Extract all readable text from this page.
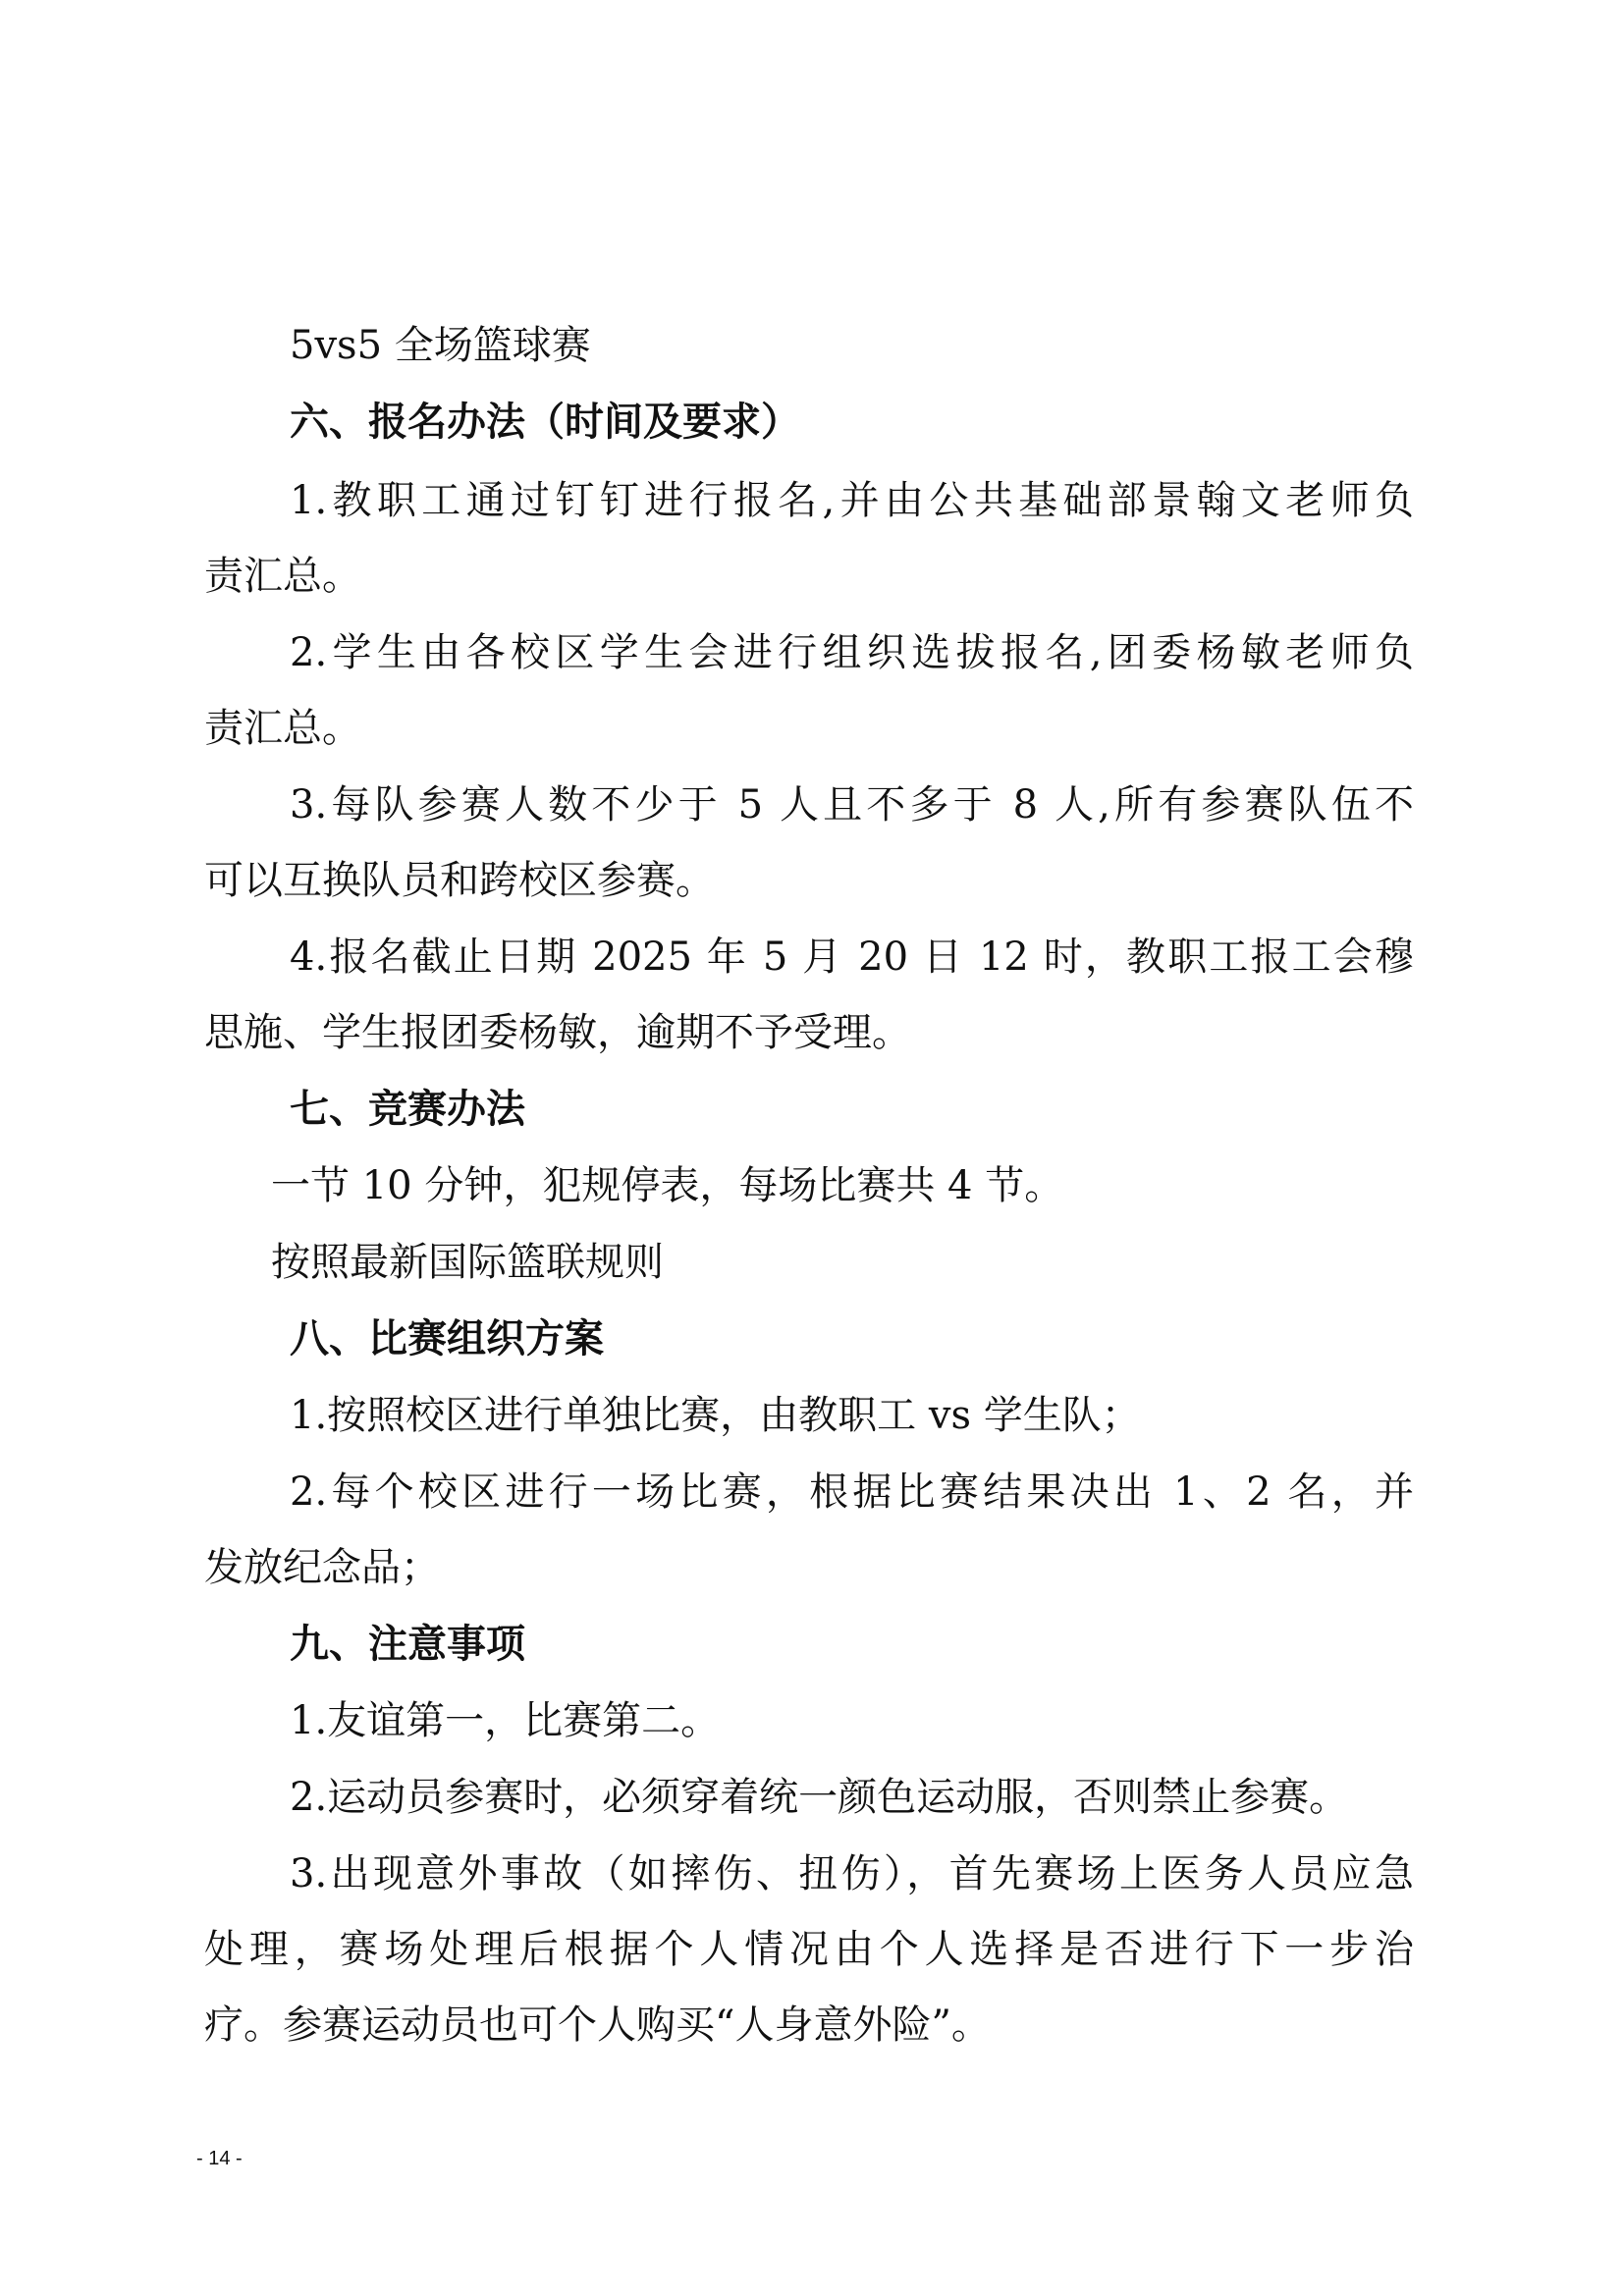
5vs5 全场篮球赛
六、报名办法（时间及要求）
1.教职工通过钉钉进行报名,并由公共基础部景翰文老师负
责汇总。
2.学生由各校区学生会进行组织选拔报名,团委杨敏老师负
责汇总。
3.每队参赛人数不少于 5 人且不多于 8 人,所有参赛队伍不
可以互换队员和跨校区参赛。
4.报名截止日期 2025 年 5 月 20 日 12 时，教职工报工会穆
思施、学生报团委杨敏，逾期不予受理。
七、竞赛办法
一节 10 分钟，犯规停表，每场比赛共 4 节。
按照最新国际篮联规则
八、比赛组织方案
1.按照校区进行单独比赛，由教职工 vs 学生队；
2.每个校区进行一场比赛，根据比赛结果决出 1、2 名，并
发放纪念品；
九、注意事项
1.友谊第一，比赛第二。
2.运动员参赛时，必须穿着统一颜色运动服，否则禁止参赛。
3.出现意外事故（如摔伤、扭伤），首先赛场上医务人员应急
处理，赛场处理后根据个人情况由个人选择是否进行下一步治
疗。参赛运动员也可个人购买“人身意外险”。
- 14 -
